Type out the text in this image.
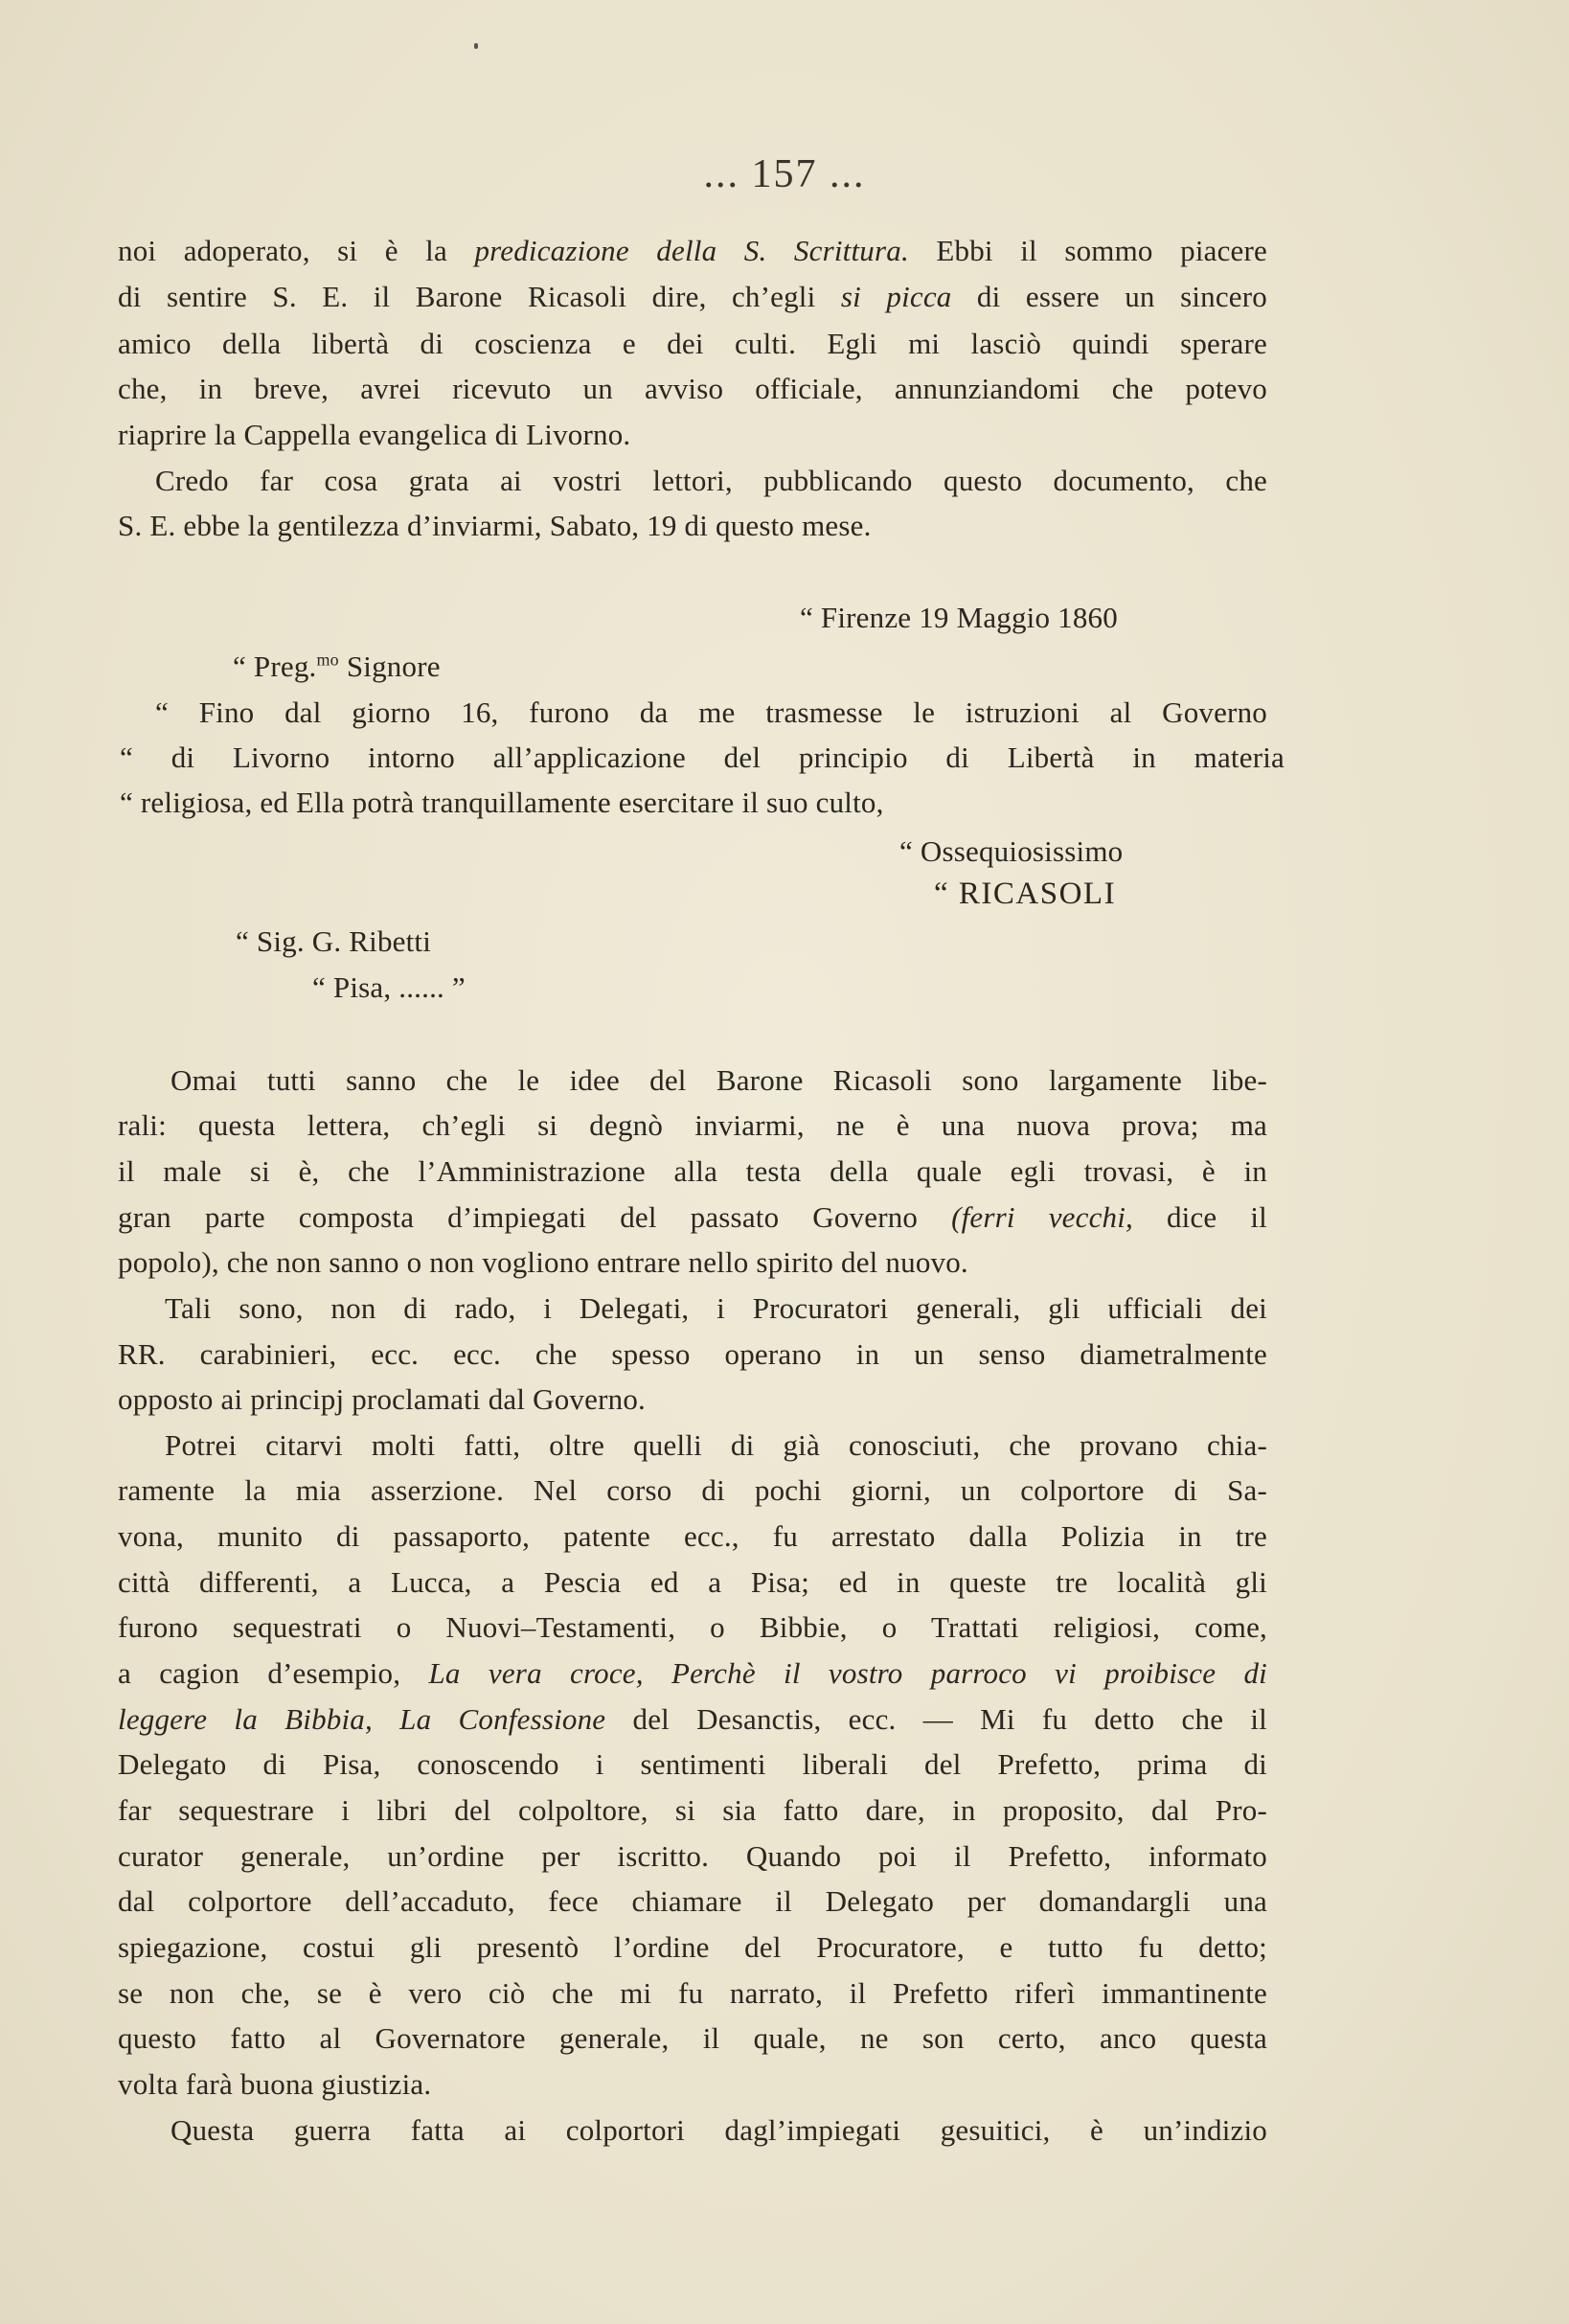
... 157 ...
noi adoperato, si è la predicazione della S. Scrittura. Ebbi il sommo piacere
di sentire S. E. il Barone Ricasoli dire, ch’egli si picca di essere un sincero
amico della libertà di coscienza e dei culti. Egli mi lasciò quindi sperare
che, in breve, avrei ricevuto un avviso officiale, annunziandomi che potevo
riaprire la Cappella evangelica di Livorno.
Credo far cosa grata ai vostri lettori, pubblicando questo documento, che
S. E. ebbe la gentilezza d’inviarmi, Sabato, 19 di questo mese.
“ Firenze 19 Maggio 1860
“ Preg.$^{mo}$ Signore
“ Fino dal giorno 16, furono da me trasmesse le istruzioni al Governo
“ di Livorno intorno all’applicazione del principio di Libertà in materia
“ religiosa, ed Ella potrà tranquillamente esercitare il suo culto,
“ Ossequiosissimo
“ RICASOLI
“ Sig. G. Ribetti
“ Pisa, ...... ”
Omai tutti sanno che le idee del Barone Ricasoli sono largamente libe-
rali: questa lettera, ch’egli si degnò inviarmi, ne è una nuova prova; ma
il male si è, che l’Amministrazione alla testa della quale egli trovasi, è in
gran parte composta d’impiegati del passato Governo (ferri vecchi, dice il
popolo), che non sanno o non vogliono entrare nello spirito del nuovo.
Tali sono, non di rado, i Delegati, i Procuratori generali, gli ufficiali dei
RR. carabinieri, ecc. ecc. che spesso operano in un senso diametralmente
opposto ai principj proclamati dal Governo.
Potrei citarvi molti fatti, oltre quelli di già conosciuti, che provano chia-
ramente la mia asserzione. Nel corso di pochi giorni, un colportore di Sa-
vona, munito di passaporto, patente ecc., fu arrestato dalla Polizia in tre
città differenti, a Lucca, a Pescia ed a Pisa; ed in queste tre località gli
furono sequestrati o Nuovi–Testamenti, o Bibbie, o Trattati religiosi, come,
a cagion d’esempio, La vera croce, Perchè il vostro parroco vi proibisce di
leggere la Bibbia, La Confessione del Desanctis, ecc. — Mi fu detto che il
Delegato di Pisa, conoscendo i sentimenti liberali del Prefetto, prima di
far sequestrare i libri del colpoltore, si sia fatto dare, in proposito, dal Pro-
curator generale, un’ordine per iscritto. Quando poi il Prefetto, informato
dal colportore dell’accaduto, fece chiamare il Delegato per domandargli una
spiegazione, costui gli presentò l’ordine del Procuratore, e tutto fu detto;
se non che, se è vero ciò che mi fu narrato, il Prefetto riferì immantinente
questo fatto al Governatore generale, il quale, ne son certo, anco questa
volta farà buona giustizia.
Questa guerra fatta ai colportori dagl’impiegati gesuitici, è un’indizio
